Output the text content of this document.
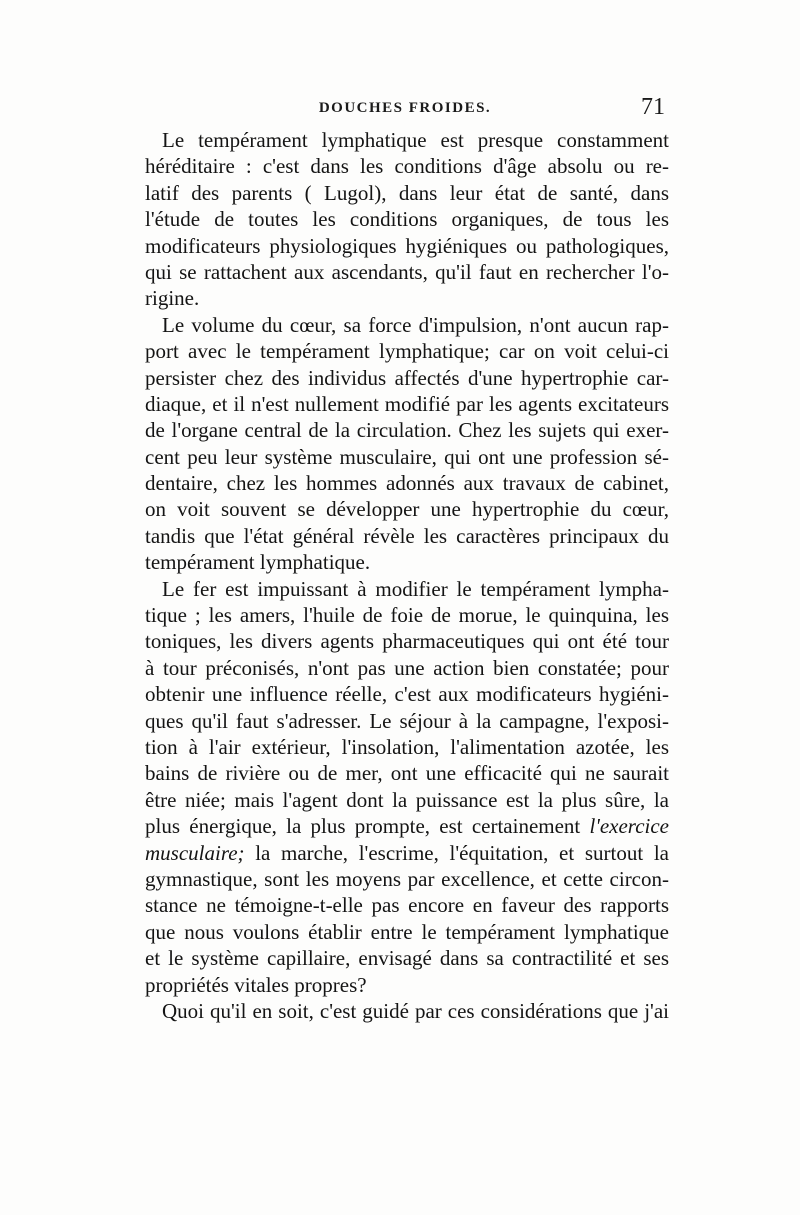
DOUCHES FROIDES.	71
Le tempérament lymphatique est presque constamment
héréditaire : c'est dans les conditions d'âge absolu ou re-
latif des parents ( Lugol), dans leur état de santé, dans
l'étude de toutes les conditions organiques, de tous les
modificateurs physiologiques hygiéniques ou pathologiques,
qui se rattachent aux ascendants, qu'il faut en rechercher l'o-
rigine.
Le volume du cœur, sa force d'impulsion, n'ont aucun rap-
port avec le tempérament lymphatique; car on voit celui-ci
persister chez des individus affectés d'une hypertrophie car-
diaque, et il n'est nullement modifié par les agents excitateurs
de l'organe central de la circulation. Chez les sujets qui exer-
cent peu leur système musculaire, qui ont une profession sé-
dentaire, chez les hommes adonnés aux travaux de cabinet,
on voit souvent se développer une hypertrophie du cœur,
tandis que l'état général révèle les caractères principaux du
tempérament lymphatique.
Le fer est impuissant à modifier le tempérament lympha-
tique ; les amers, l'huile de foie de morue, le quinquina, les
toniques, les divers agents pharmaceutiques qui ont été tour
à tour préconisés, n'ont pas une action bien constatée; pour
obtenir une influence réelle, c'est aux modificateurs hygiéni-
ques qu'il faut s'adresser. Le séjour à la campagne, l'exposi-
tion à l'air extérieur, l'insolation, l'alimentation azotée, les
bains de rivière ou de mer, ont une efficacité qui ne saurait
être niée; mais l'agent dont la puissance est la plus sûre, la
plus énergique, la plus prompte, est certainement l'exercice
musculaire; la marche, l'escrime, l'équitation, et surtout la
gymnastique, sont les moyens par excellence, et cette circon-
stance ne témoigne-t-elle pas encore en faveur des rapports
que nous voulons établir entre le tempérament lymphatique
et le système capillaire, envisagé dans sa contractilité et ses
propriétés vitales propres?
Quoi qu'il en soit, c'est guidé par ces considérations que j'ai
